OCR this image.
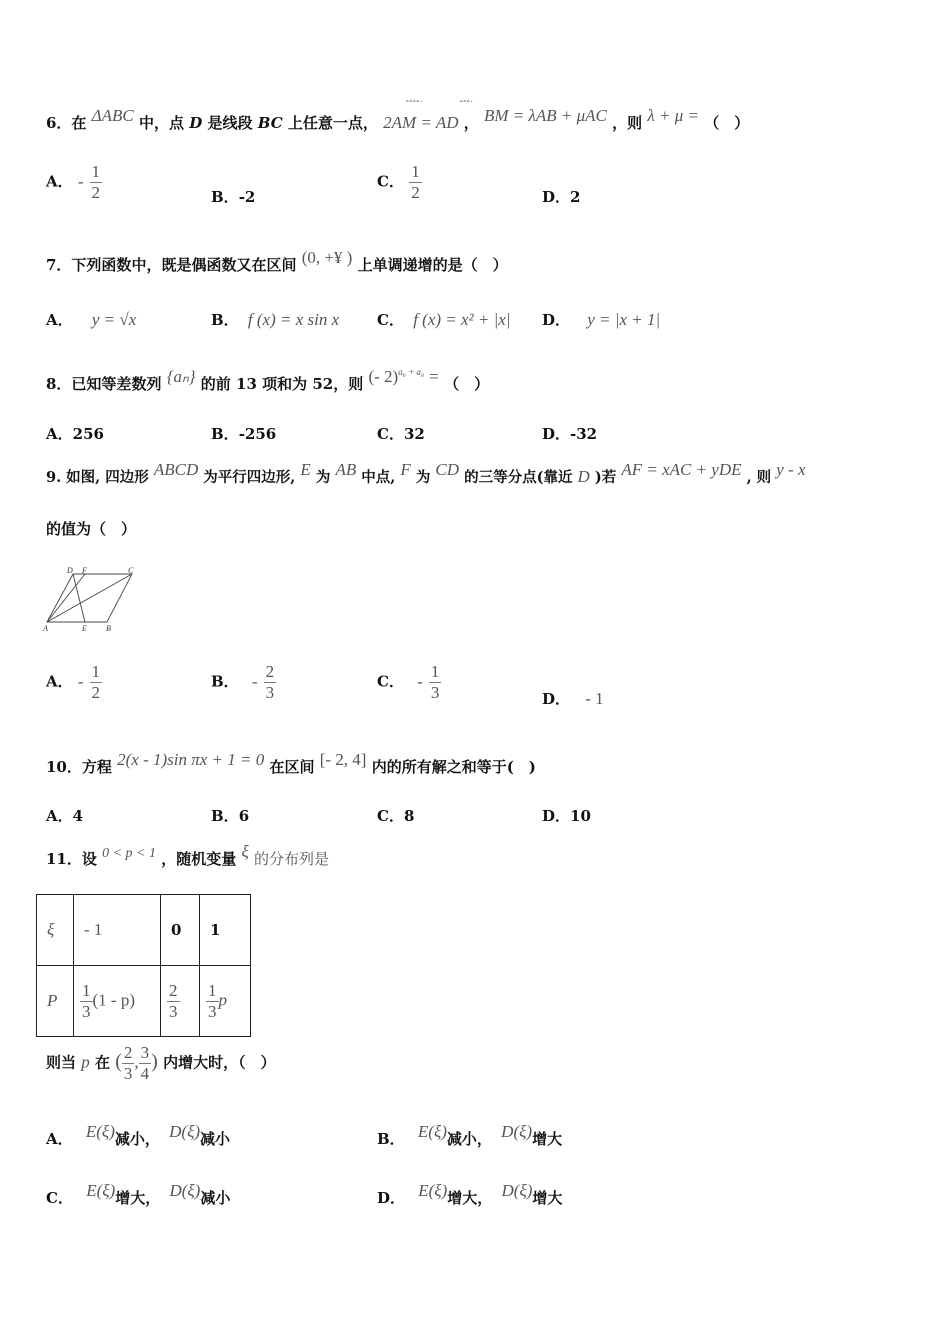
6．在 ΔABC 中，点 D 是线段 BC 上任意一点， 2AM = AD ， BM = λAB + μAC ，则 λ + μ = （　）
ˆˆˆˆ˙	ˆˆˆ˙
A． - $\frac{1}{2}$	B．-2
C． $\frac{1}{2}$	D．2
7．下列函数中，既是偶函数又在区间 (0, +¥ ) 上单调递增的是（　）
A． y = √x	B． f (x) = x sin x	C． f (x) = x² + |x| D． y = |x + 1|
8．已知等差数列 {aₙ} 的前 13 项和为 52，则 (- 2)$^{a_6 + a_8}$ = （　）
A．256	B．-256	C．32	D．-32
9. 如图, 四边形 ABCD 为平行四边形, E 为 AB 中点, F 为 CD 的三等分点(靠近 D )若 AF = xAC + yDE , 则 y - x
的值为（　）
D F	C
A	E B
A． - $\frac{1}{2}$	B． - $\frac{2}{3}$	C． - $\frac{1}{3}$	D． - 1
10．方程 2(x - 1)sin πx + 1 = 0 在区间 [- 2, 4] 内的所有解之和等于(　)
A．4	B．6	C．8	D．10
11．设 0 < p < 1 ，随机变量 ξ 的分布列是
ξ	- 1	0	1
P	$\frac{1}{3} (1 - p)$	$\frac{2}{3}$	$\frac{1}{3}$ p
则当 p 在 ( $\frac{2}{3}$ , $\frac{3}{4}$ ) 内增大时，（　）
A． E(ξ)减小， D(ξ)减小	B． E(ξ)减小， D(ξ)增大
C． E(ξ)增大， D(ξ)减小	D． E(ξ)增大， D(ξ)增大
